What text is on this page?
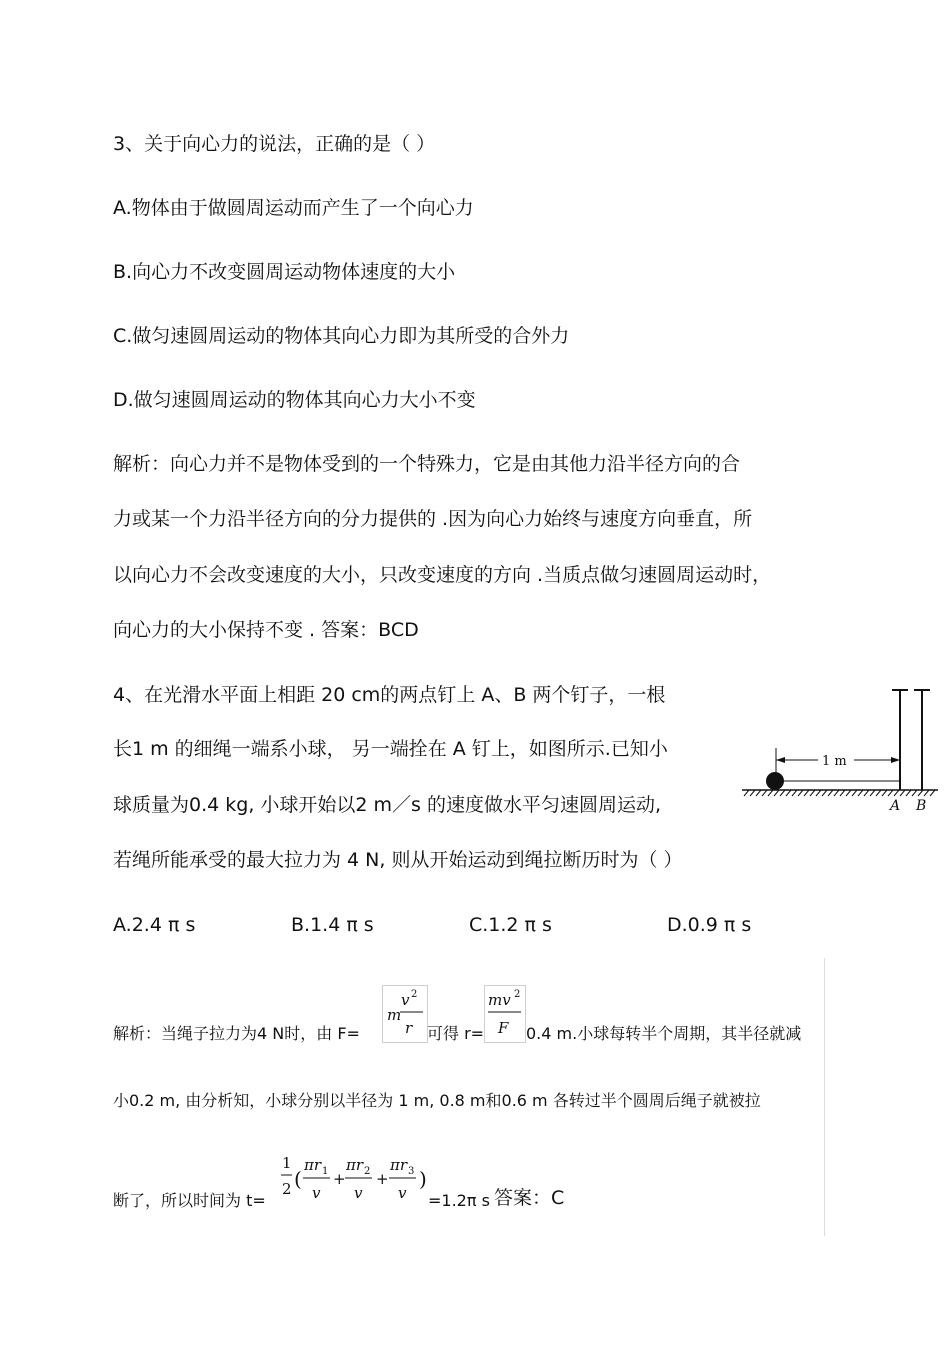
3、关于向心力的说法，正确的是（ ）
A.物体由于做圆周运动而产生了一个向心力
B.向心力不改变圆周运动物体速度的大小
C.做匀速圆周运动的物体其向心力即为其所受的合外力
D.做匀速圆周运动的物体其向心力大小不变
解析：向心力并不是物体受到的一个特殊力，它是由其他力沿半径方向的合
力或某一个力沿半径方向的分力提供的 .因为向心力始终与速度方向垂直，所
以向心力不会改变速度的大小，只改变速度的方向 .当质点做匀速圆周运动时，
向心力的大小保持不变 . 答案：BCD
4、在光滑水平面上相距 20 cm的两点钉上 A、B 两个钉子，一根
长1 m 的细绳一端系小球， 另一端拴在 A 钉上，如图所示.已知小
球质量为0.4 kg, 小球开始以2 m／s 的速度做水平匀速圆周运动,
若绳所能承受的最大拉力为 4 N, 则从开始运动到绳拉断历时为（ ）
1 m
A B
A.2.4 π s	B.1.4 π s	C.1.2 π s	D.0.9 π s
解析：当绳子拉力为4 N时，由 F=
m
v 2
r 可得 r=
mv 2
F 0.4 m.小球每转半个周期，其半径就减
小0.2 m, 由分析知，小球分别以半径为 1 m, 0.8 m和0.6 m 各转过半个圆周后绳子就被拉
断了，所以时间为 t=
1
2 (
πr 1
v
+
πr 2
v
+
πr 3
v
)
=1.2π s 答案：C
